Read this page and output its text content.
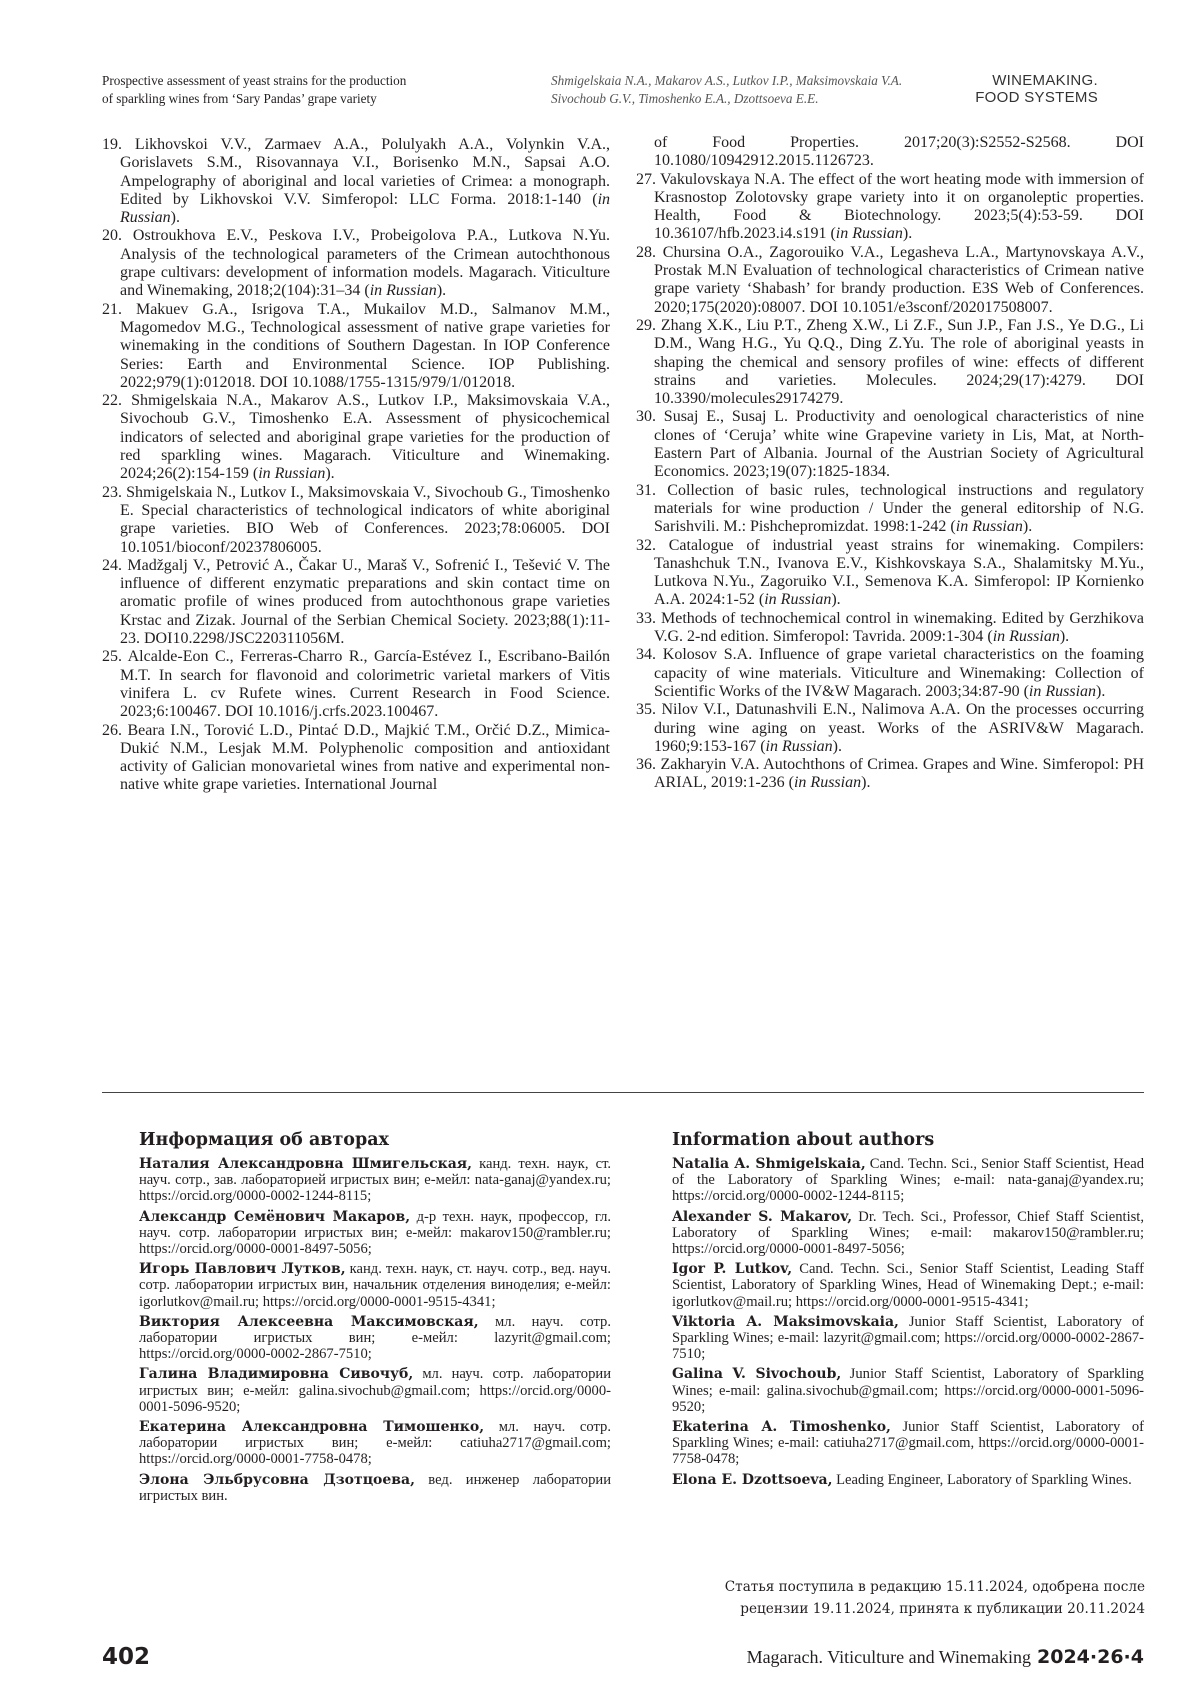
Prospective assessment of yeast strains for the production
of sparkling wines from ‘Sary Pandas’ grape variety
Shmigelskaia N.A., Makarov A.S., Lutkov I.P., Maksimovskaia V.A.
Sivochoub G.V., Timoshenko E.A., Dzottsoeva E.E.
WINEMAKING.
FOOD SYSTEMS

19. Likhovskoi V.V., Zarmaev A.A., Polulyakh A.A., Volynkin V.A., Gorislavets S.M., Risovannaya V.I., Borisenko M.N., Sapsai A.O. Ampelography of aboriginal and local varieties of Crimea: a monograph. Edited by Likhovskoi V.V. Simferopol: LLC Forma. 2018:1-140 (in Russian).

20. Ostroukhova E.V., Peskova I.V., Probeigolova P.A., Lutkova N.Yu. Analysis of the technological parameters of the Crimean autochthonous grape cultivars: development of information models. Magarach. Viticulture and Winemaking, 2018;2(104):31–34 (in Russian).

21. Makuev G.A., Isrigova T.A., Mukailov M.D., Salmanov M.M., Magomedov M.G., Technological assessment of native grape varieties for winemaking in the conditions of Southern Dagestan. In IOP Conference Series: Earth and Environmental Science. IOP Publishing. 2022;979(1):012018. DOI 10.1088/1755-1315/979/1/012018.

22. Shmigelskaia N.A., Makarov A.S., Lutkov I.P., Maksimovskaia V.A., Sivochoub G.V., Timoshenko E.A. Assessment of physicochemical indicators of selected and aboriginal grape varieties for the production of red sparkling wines. Magarach. Viticulture and Winemaking. 2024;26(2):154-159 (in Russian).

23. Shmigelskaia N., Lutkov I., Maksimovskaia V., Sivochoub G., Timoshenko E. Special characteristics of technological indicators of white aboriginal grape varieties. BIO Web of Conferences. 2023;78:06005. DOI 10.1051/bioconf/20237806005.

24. Madžgalj V., Petrović A., Čakar U., Maraš V., Sofrenić I., Tešević V. The influence of different enzymatic preparations and skin contact time on aromatic profile of wines produced from autochthonous grape varieties Krstac and Zizak. Journal of the Serbian Chemical Society. 2023;88(1):11-23. DOI10.2298/JSC220311056M.

25. Alcalde-Eon C., Ferreras-Charro R., García-Estévez I., Escribano-Bailón M.T. In search for flavonoid and colorimetric varietal markers of Vitis vinifera L. cv Rufete wines. Current Research in Food Science. 2023;6:100467. DOI 10.1016/j.crfs.2023.100467.

26. Beara I.N., Torović L.D., Pintać D.D., Majkić T.M., Orčić D.Z., Mimica-Dukić N.M., Lesjak M.M. Polyphenolic composition and antioxidant activity of Galician monovarietal wines from native and experimental non-native white grape varieties. International Journal

of Food Properties. 2017;20(3):S2552-S2568. DOI 10.1080/10942912.2015.1126723.

27. Vakulovskaya N.A. The effect of the wort heating mode with immersion of Krasnostop Zolotovsky grape variety into it on organoleptic properties. Health, Food & Biotechnology. 2023;5(4):53-59. DOI 10.36107/hfb.2023.i4.s191 (in Russian).

28. Chursina O.A., Zagorouiko V.A., Legasheva L.A., Martynovskaya A.V., Prostak M.N Evaluation of technological characteristics of Crimean native grape variety ‘Shabash’ for brandy production. E3S Web of Conferences. 2020;175(2020):08007. DOI 10.1051/e3sconf/202017508007.

29. Zhang X.K., Liu P.T., Zheng X.W., Li Z.F., Sun J.P., Fan J.S., Ye D.G., Li D.M., Wang H.G., Yu Q.Q., Ding Z.Yu. The role of aboriginal yeasts in shaping the chemical and sensory profiles of wine: effects of different strains and varieties. Molecules. 2024;29(17):4279. DOI 10.3390/molecules29174279.

30. Susaj E., Susaj L. Productivity and oenological characteristics of nine clones of ‘Ceruja’ white wine Grapevine variety in Lis, Mat, at North-Eastern Part of Albania. Journal of the Austrian Society of Agricultural Economics. 2023;19(07):1825-1834.

31. Collection of basic rules, technological instructions and regulatory materials for wine production / Under the general editorship of N.G. Sarishvili. M.: Pishchepromizdat. 1998:1-242 (in Russian).

32. Catalogue of industrial yeast strains for winemaking. Compilers: Tanashchuk T.N., Ivanova E.V., Kishkovskaya S.A., Shalamitsky M.Yu., Lutkova N.Yu., Zagoruiko V.I., Semenova K.A. Simferopol: IP Kornienko A.A. 2024:1-52 (in Russian).

33. Methods of technochemical control in winemaking. Edited by Gerzhikova V.G. 2-nd edition. Simferopol: Tavrida. 2009:1-304 (in Russian).

34. Kolosov S.A. Influence of grape varietal characteristics on the foaming capacity of wine materials. Viticulture and Winemaking: Collection of Scientific Works of the IV&W Magarach. 2003;34:87-90 (in Russian).

35. Nilov V.I., Datunashvili E.N., Nalimova A.A. On the processes occurring during wine aging on yeast. Works of the ASRIV&W Magarach. 1960;9:153-167 (in Russian).

36. Zakharyin V.A. Autochthons of Crimea. Grapes and Wine. Simferopol: PH ARIAL, 2019:1-236 (in Russian).

Информация об авторах

Наталия Александровна Шмигельская, канд. техн. наук, ст. науч. сотр., зав. лабораторией игристых вин; е-мейл: nata-ganaj@yandex.ru; https://orcid.org/0000-0002-1244-8115;

Александр Семёнович Макаров, д-р техн. наук, профессор, гл. науч. сотр. лаборатории игристых вин; е-мейл: makarov150@rambler.ru; https://orcid.org/0000-0001-8497-5056;

Игорь Павлович Лутков, канд. техн. наук, ст. науч. сотр., вед. науч. сотр. лаборатории игристых вин, начальник отделения виноделия; е-мейл: igorlutkov@mail.ru; https://orcid.org/0000-0001-9515-4341;

Виктория Алексеевна Максимовская, мл. науч. сотр. лаборатории игристых вин; е-мейл: lazyrit@gmail.com; https://orcid.org/0000-0002-2867-7510;

Галина Владимировна Сивочуб, мл. науч. сотр. лаборатории игристых вин; е-мейл: galina.sivochub@gmail.com; https://orcid.org/0000-0001-5096-9520;

Екатерина Александровна Тимошенко, мл. науч. сотр. лаборатории игристых вин; е-мейл: catiuha2717@gmail.com; https://orcid.org/0000-0001-7758-0478;

Элона Эльбрусовна Дзотцоева, вед. инженер лаборатории игристых вин.

Information about authors

Natalia A. Shmigelskaia, Cand. Techn. Sci., Senior Staff Scientist, Head of the Laboratory of Sparkling Wines; e-mail: nata-ganaj@yandex.ru; https://orcid.org/0000-0002-1244-8115;

Alexander S. Makarov, Dr. Tech. Sci., Professor, Chief Staff Scientist, Laboratory of Sparkling Wines; e-mail: makarov150@rambler.ru; https://orcid.org/0000-0001-8497-5056;

Igor P. Lutkov, Cand. Techn. Sci., Senior Staff Scientist, Leading Staff Scientist, Laboratory of Sparkling Wines, Head of Winemaking Dept.; e-mail: igorlutkov@mail.ru; https://orcid.org/0000-0001-9515-4341;

Viktoria A. Maksimovskaia, Junior Staff Scientist, Laboratory of Sparkling Wines; e-mail: lazyrit@gmail.com; https://orcid.org/0000-0002-2867-7510;

Galina V. Sivochoub, Junior Staff Scientist, Laboratory of Sparkling Wines; e-mail: galina.sivochub@gmail.com; https://orcid.org/0000-0001-5096-9520;

Ekaterina A. Timoshenko, Junior Staff Scientist, Laboratory of Sparkling Wines; e-mail: catiuha2717@gmail.com, https://orcid.org/0000-0001-7758-0478;

Elona E. Dzottsoeva, Leading Engineer, Laboratory of Sparkling Wines.

Статья поступила в редакцию 15.11.2024, одобрена после
рецензии 19.11.2024, принята к публикации 20.11.2024
402	Magarach. Viticulture and Winemaking 2024·26·4
